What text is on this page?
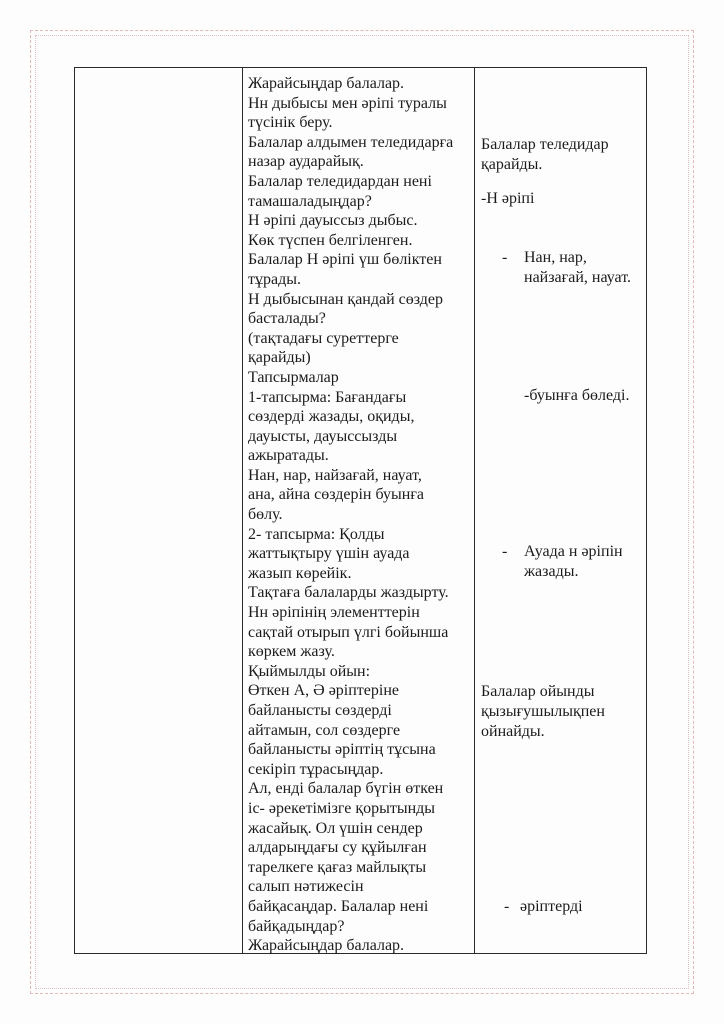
Жарайсыңдар балалар.
Нн дыбысы мен әріпі туралы
түсінік беру.
Балалар алдымен теледидарға
назар аударайық.
Балалар теледидардан нені
тамашаладыңдар?
Н әріпі дауыссыз дыбыс.
Көк түспен белгіленген.
Балалар Н әріпі үш бөліктен
тұрады.
Н дыбысынан қандай сөздер
басталады?
(тақтадағы суреттерге
қарайды)
Тапсырмалар
1-тапсырма: Бағандағы
сөздерді жазады, оқиды,
дауысты, дауыссызды
ажыратады.
Нан, нар, найзағай, науат,
ана, айна сөздерін буынға
бөлу.
2- тапсырма: Қолды
жаттықтыру үшін ауада
жазып көрейік.
Тақтаға балаларды жаздырту.
Нн әріпінің элементтерін
сақтай отырып үлгі бойынша
көркем жазу.
Қыймылды ойын:
Өткен А, Ә әріптеріне
байланысты сөздерді
айтамын, сол сөздерге
байланысты әріптің тұсына
секіріп тұрасыңдар.
Ал, енді балалар бүгін өткен
іс- әрекетімізге қорытынды
жасайық. Ол үшін сендер
алдарыңдағы су құйылған
тарелкеге қағаз майлықты
салып нәтижесін
байқасаңдар. Балалар нені
байқадыңдар?
Жарайсыңдар балалар.
Балалар теледидар
қарайды.
-Н әріпі
- Нан, нар,
найзағай, науат.
-буынға бөледі.
- Ауада н әріпін
жазады.
Балалар ойынды
қызығушылықпен
ойнайды.
- әріптерді
